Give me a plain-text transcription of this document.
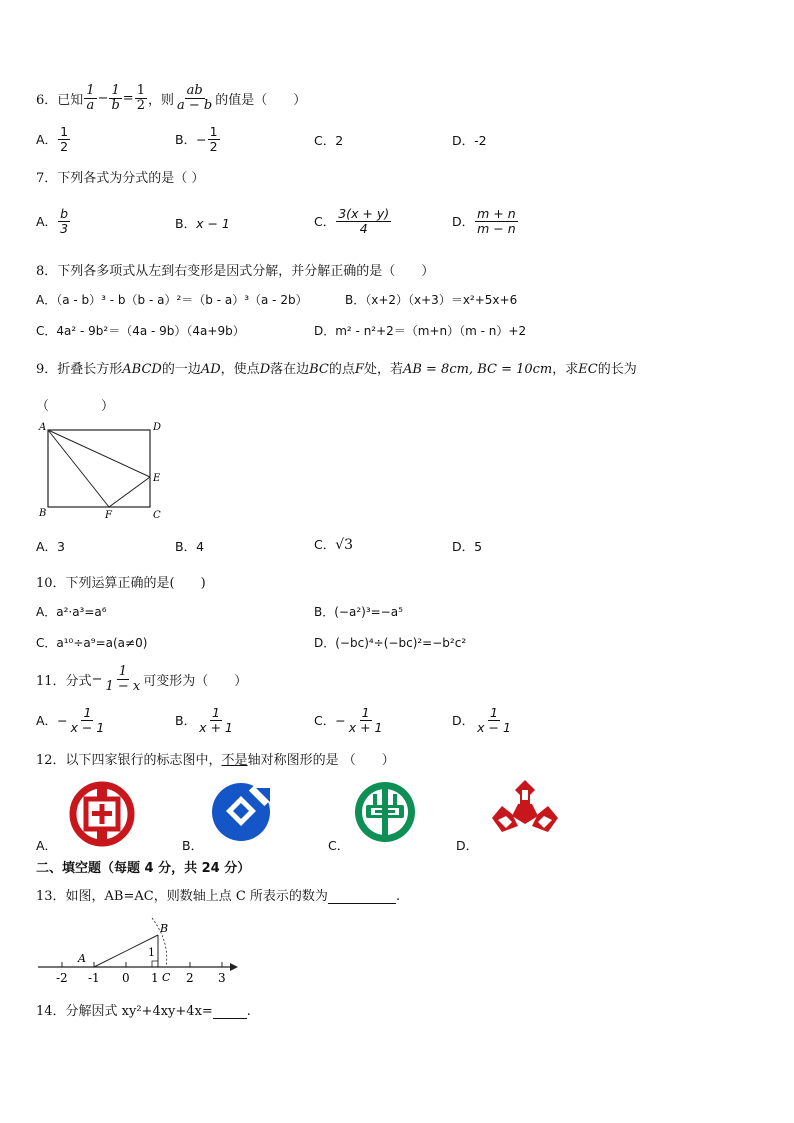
6．已知 $\frac{1}{a} - \frac{1}{b} = \frac{1}{2}$ ，则 $\frac{ab}{a - b}$ 的值是（　　）
A． $\frac{1}{2}$	B． − $\frac{1}{2}$	C．2	D．-2
7．下列各式为分式的是（ ）
A． $\frac{b}{3}$	B．x − 1	C． $\frac{3(x + y)}{4}$	D． $\frac{m + n}{m - n}$
8．下列各多项式从左到右变形是因式分解，并分解正确的是（　　）
A．（a - b）³ - b（b - a）²＝（b - a）³（a - 2b）	B．（x+2）（x+3）＝x²+5x+6
C．4a² - 9b²＝（4a - 9b）（4a+9b）	D．m² - n²+2＝（m+n）（m - n）+2
9．折叠长方形ABCD的一边AD，使点D落在边BC的点F处，若AB = 8cm, BC = 10cm，求EC的长为
（　　　　）
A	D
E
B	F	C
A．3	B．4	C．√3	D．5
10．下列运算正确的是(　　)
A．a²·a³=a⁶	B．(−a²)³=−a⁵
C．a¹⁰÷a⁹=a(a≠0)	D．(−bc)⁴÷(−bc)²=−b²c²
11．分式 − $\frac{1}{1 - x}$ 可变形为（　　）
A． − $\frac{1}{x - 1}$	B． $\frac{1}{x + 1}$	C． − $\frac{1}{x + 1}$	D． $\frac{1}{x - 1}$
12．以下四家银行的标志图中，不是轴对称图形的是 （　　）
A．	B．	C．	D．
二、填空题（每题 4 分，共 24 分）
13．如图，AB=AC，则数轴上点 C 所表示的数为	.
B
A	1
C
-2 -1 0 1 2 3
14．分解因式 xy²+4xy+4x=	.
